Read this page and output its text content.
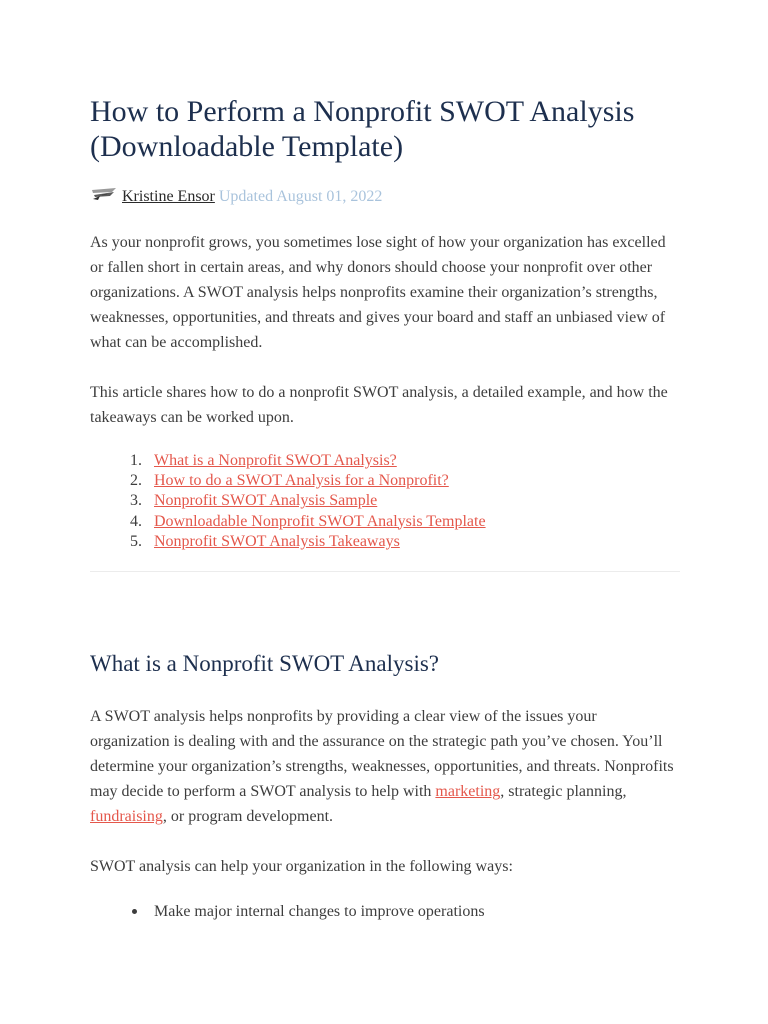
How to Perform a Nonprofit SWOT Analysis (Downloadable Template)
Kristine Ensor Updated August 01, 2022

As your nonprofit grows, you sometimes lose sight of how your organization has excelled or fallen short in certain areas, and why donors should choose your nonprofit over other organizations. A SWOT analysis helps nonprofits examine their organization’s strengths, weaknesses, opportunities, and threats and gives your board and staff an unbiased view of what can be accomplished.

This article shares how to do a nonprofit SWOT analysis, a detailed example, and how the takeaways can be worked upon.

What is a Nonprofit SWOT Analysis?
How to do a SWOT Analysis for a Nonprofit?
Nonprofit SWOT Analysis Sample
Downloadable Nonprofit SWOT Analysis Template
Nonprofit SWOT Analysis Takeaways
What is a Nonprofit SWOT Analysis?

A SWOT analysis helps nonprofits by providing a clear view of the issues your organization is dealing with and the assurance on the strategic path you’ve chosen. You’ll determine your organization’s strengths, weaknesses, opportunities, and threats. Nonprofits may decide to perform a SWOT analysis to help with marketing, strategic planning, fundraising, or program development.

SWOT analysis can help your organization in the following ways:

Make major internal changes to improve operations
